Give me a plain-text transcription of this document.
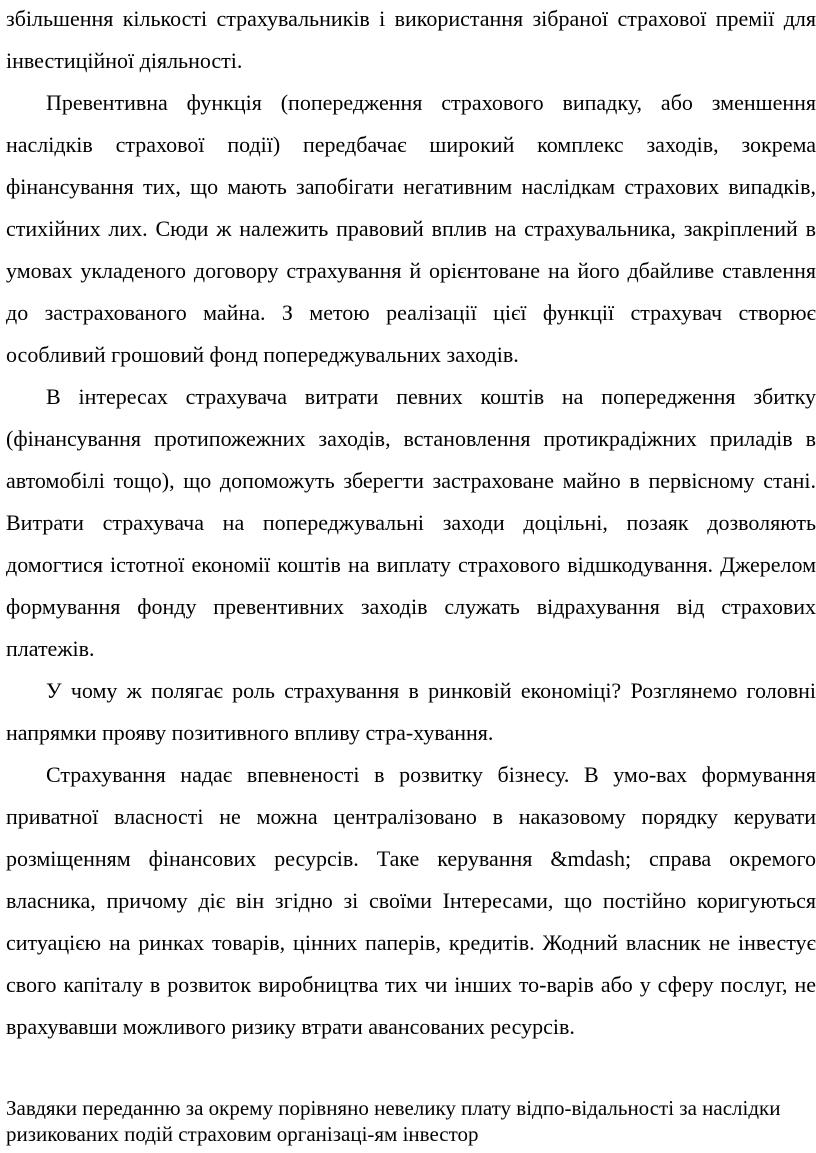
збільшення кількості страхувальників і використання зібраної страхової премії для інвестиційної діяльності.

Превентивна функція (попередження страхового випадку, або зменшення наслідків страхової події) передбачає широкий комплекс заходів, зокрема фінансування тих, що мають запобігати негативним наслідкам страхових випадків, стихійних лих. Сюди ж належить правовий вплив на страхувальника, закріплений в умовах укладеного договору страхування й орієнтоване на його дбайливе ставлення до застрахованого майна. З метою реалізації цієї функції страхувач створює особливий грошовий фонд попереджувальних заходів.

В інтересах страхувача витрати певних коштів на попередження збитку (фінансування протипожежних заходів, встановлення протикрадіжних приладів в автомобілі тощо), що допоможуть зберегти застраховане майно в первісному стані. Витрати страхувача на попереджувальні заходи доцільні, позаяк дозволяють домогтися істотної економії коштів на виплату страхового відшкодування. Джерелом формування фонду превентивних заходів служать відрахування від страхових платежів.

У чому ж полягає роль страхування в ринковій економіці? Розглянемо головні напрямки прояву позитивного впливу стра-хування.

Страхування надає впевненості в розвитку бізнесу. В умо-вах формування приватної власності не можна централізовано в наказовому порядку керувати розміщенням фінансових ресурсів. Таке керування &mdash; справа окремого власника, причому діє він згідно зі своїми Інтересами, що постійно коригуються ситуацією на ринках товарів, цінних паперів, кредитів. Жодний власник не інвестує свого капіталу в розвиток виробництва тих чи інших то-варів або у сферу послуг, не врахувавши можливого ризику втрати авансованих ресурсів.

Завдяки переданню за окрему порівняно невелику плату відпо-відальності за наслідки ризикованих подій страховим організаці-ям інвестор
